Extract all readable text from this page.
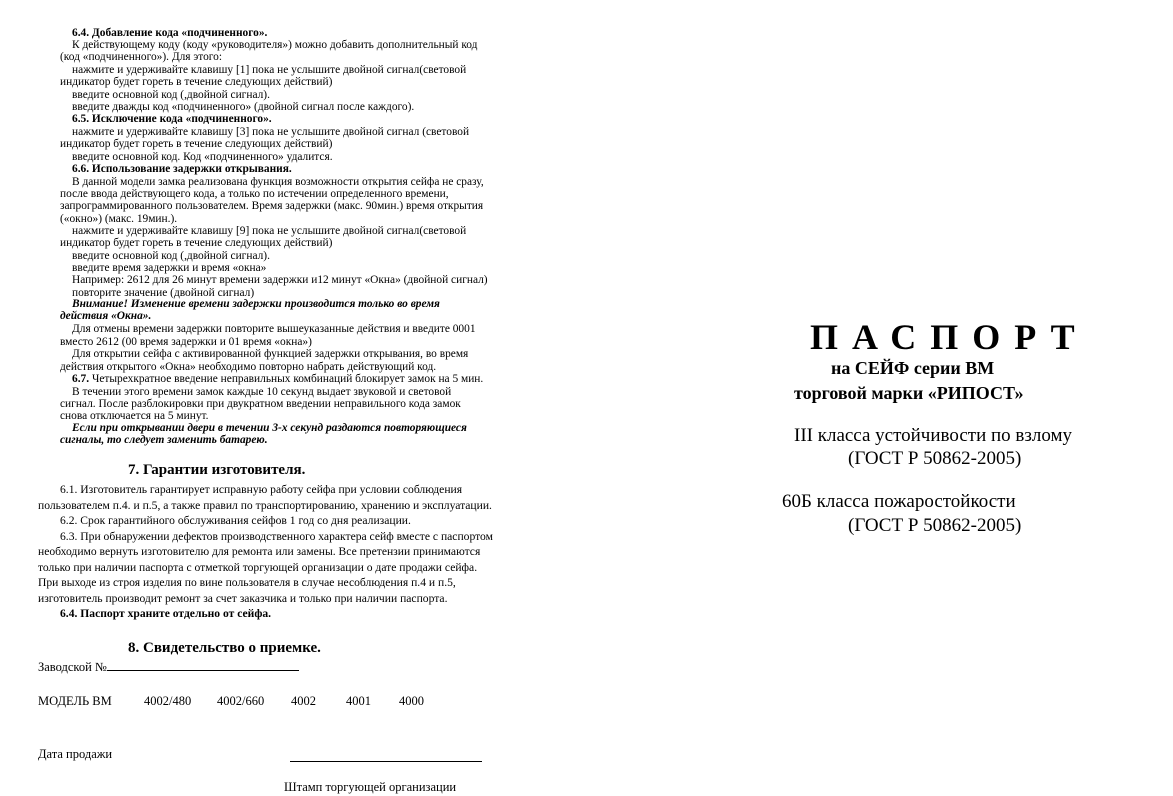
6.4. Добавление кода «подчиненного».
К действующему коду (коду «руководителя») можно добавить дополнительный код
(код «подчиненного»). Для этого:
нажмите и удерживайте клавишу [1] пока не услышите двойной сигнал(световой
индикатор будет гореть в течение следующих действий)
введите основной код (,двойной сигнал).
введите дважды код «подчиненного» (двойной сигнал после каждого).
6.5. Исключение кода «подчиненного».
нажмите и удерживайте клавишу [3] пока не услышите двойной сигнал (световой
индикатор будет гореть в течение следующих действий)
введите основной код. Код «подчиненного» удалится.
6.6. Использование задержки открывания.
В данной модели замка реализована функция возможности открытия сейфа не сразу,
после ввода действующего кода, а только по истечении определенного времени,
запрограммированного пользователем. Время задержки (макс. 90мин.) время открытия
(«окно») (макс. 19мин.).
нажмите и удерживайте клавишу [9] пока не услышите двойной сигнал(световой
индикатор будет гореть в течение следующих действий)
введите основной код (,двойной сигнал).
введите время задержки и время «окна»
Например: 2612 для 26 минут времени задержки и12 минут «Окна» (двойной сигнал)
повторите значение (двойной сигнал)
Внимание! Изменение времени задержки производится только во время
действия «Окна».
Для отмены времени задержки повторите вышеуказанные действия и введите 0001
вместо 2612 (00 время задержки и 01 время «окна»)
Для открытии сейфа с активированной функцией задержки открывания, во время
действия открытого «Окна» необходимо повторно набрать действующий код.
6.7. Четырехкратное введение неправильных комбинаций блокирует замок на 5 мин.
В течении этого времени замок каждые 10 секунд выдает звуковой и световой
сигнал. После разблокировки при двукратном введении неправильного кода замок
снова отключается на 5 минут.
Если при открывании двери в течении 3-х секунд раздаются повторяющиеся
сигналы, то следует заменить батарею.
7. Гарантии изготовителя.
6.1. Изготовитель гарантирует исправную работу сейфа при условии соблюдения
пользователем п.4. и п.5, а также правил по транспортированию, хранению и эксплуатации.
6.2. Срок гарантийного обслуживания сейфов 1 год со дня реализации.
6.3. При обнаружении дефектов производственного характера сейф вместе с паспортом
необходимо вернуть изготовителю для ремонта или замены. Все претензии принимаются
только при наличии паспорта с отметкой торгующей организации о дате продажи сейфа.
При выходе из строя изделия по вине пользователя в случае несоблюдения п.4 и п.5,
изготовитель производит ремонт за счет заказчика и только при наличии паспорта.
6.4. Паспорт храните отдельно от сейфа.
8. Свидетельство о приемке.
Заводской №
МОДЕЛЬ ВМ	4002/480 4002/660 4002 4001 4000
Дата продажи
Штамп торгующей организации
ПАСПОРТ
на СЕЙФ серии ВМ
торговой марки «РИПОСТ»
III класса устойчивости по взлому
(ГОСТ Р 50862-2005)
60Б класса пожаростойкости
(ГОСТ Р 50862-2005)
